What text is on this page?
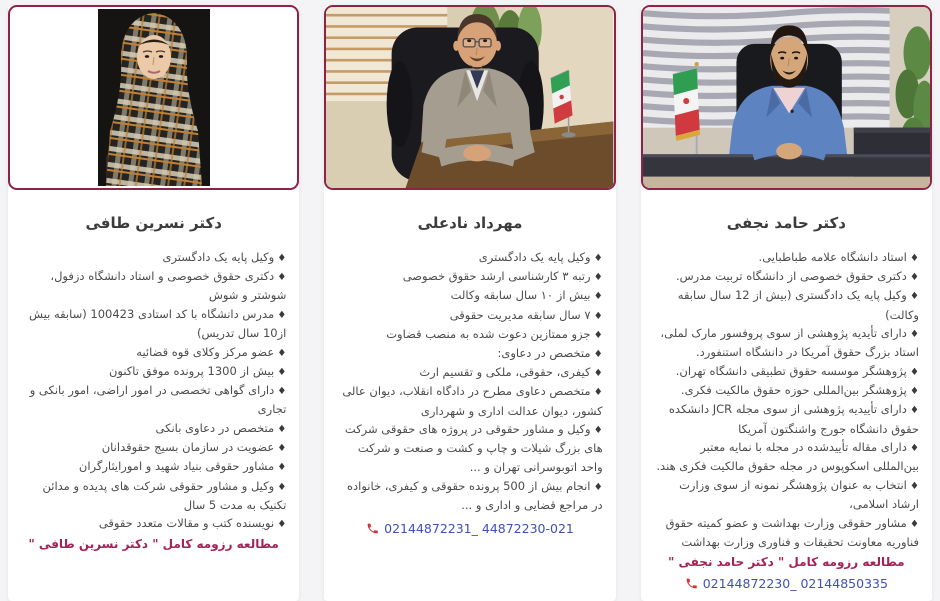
دکتر حامد نجفی
♦ استاد دانشگاه علامه طباطبایی.
♦ دکتری حقوق خصوصی از دانشگاه تربیت مدرس.
♦ وکیل پایه یک دادگستری (بیش از 12 سال سابقه وکالت)
♦ دارای تأیدیه پژوهشی از سوی پروفسور مارک لملی، استاد بزرگ حقوق آمریکا در دانشگاه استنفورد.
♦ پژوهشگر موسسه حقوق تطبیقی دانشگاه تهران.
♦ پژوهشگر بین‌المللی حوزه حقوق مالکیت فکری.
♦ دارای تأییدیه پژوهشی از سوی مجله JCR دانشکده حقوق دانشگاه جورج واشنگتون آمریکا
♦ دارای مقاله تأییدشده در مجله با نمایه معتبر بین‌المللی اسکوپوس در مجله حقوق مالکیت فکری هند.
♦ انتخاب به عنوان پژوهشگر نمونه از سوی وزارت ارشاد اسلامی،
♦ مشاور حقوقی وزارت بهداشت و عضو کمیته حقوق فناوریه معاونت تحقیقات و فناوری وزارت بهداشت
مطالعه رزومه کامل " دکتر حامد نجفی "
02144872230_ 02144850335
مهرداد نادعلی
♦ وکیل پایه یک دادگستری
♦ رتبه ۳ کارشناسی ارشد حقوق خصوصی
♦ بیش از ۱۰ سال سابقه وکالت
♦ ۷ سال سابقه مدیریت حقوقی
♦ جزو ممتازین دعوت شده به منصب قضاوت
♦ متخصص در دعاوی:
♦ کیفری، حقوقی، ملکی و تقسیم ارث
♦ متخصص دعاوی مطرح در دادگاه انقلاب، دیوان عالی کشور، دیوان عدالت اداری و شهرداری
♦ وکیل و مشاور حقوقی در پروژه های حقوقی شرکت های بزرگ شیلات و چاپ و کشت و صنعت و شرکت واحد اتوبوسرانی تهران و ...
♦ انجام بیش از 500 پرونده حقوقی و کیفری، خانواده در مراجع قضایی و اداری و ...
02144872231_ 44872230-021
دکتر نسرین طافی
♦ وکیل پایه یک دادگستری
♦ دکتری حقوق خصوصی و استاد دانشگاه دزفول، شوشتر و شوش
♦ مدرس دانشگاه با کد استادی 100423 (سابقه بیش از10 سال تدریس)
♦ عضو مرکز وکلای قوه قضائیه
♦ بیش از 1300 پرونده موفق تاکنون
♦ دارای گواهی تخصصی در امور اراضی، امور بانکی و تجاری
♦ متخصص در دعاوی بانکی
♦ عضویت در سازمان بسیج حقوقدانان
♦ مشاور حقوقی بنیاد شهید و امورایثارگران
♦ وکیل و مشاور حقوقی شرکت های پدیده و مدائن تکنیک به مدت 5 سال
♦ نویسنده کتب و مقالات متعدد حقوقی
مطالعه رزومه کامل " دکتر نسرین طافی "
